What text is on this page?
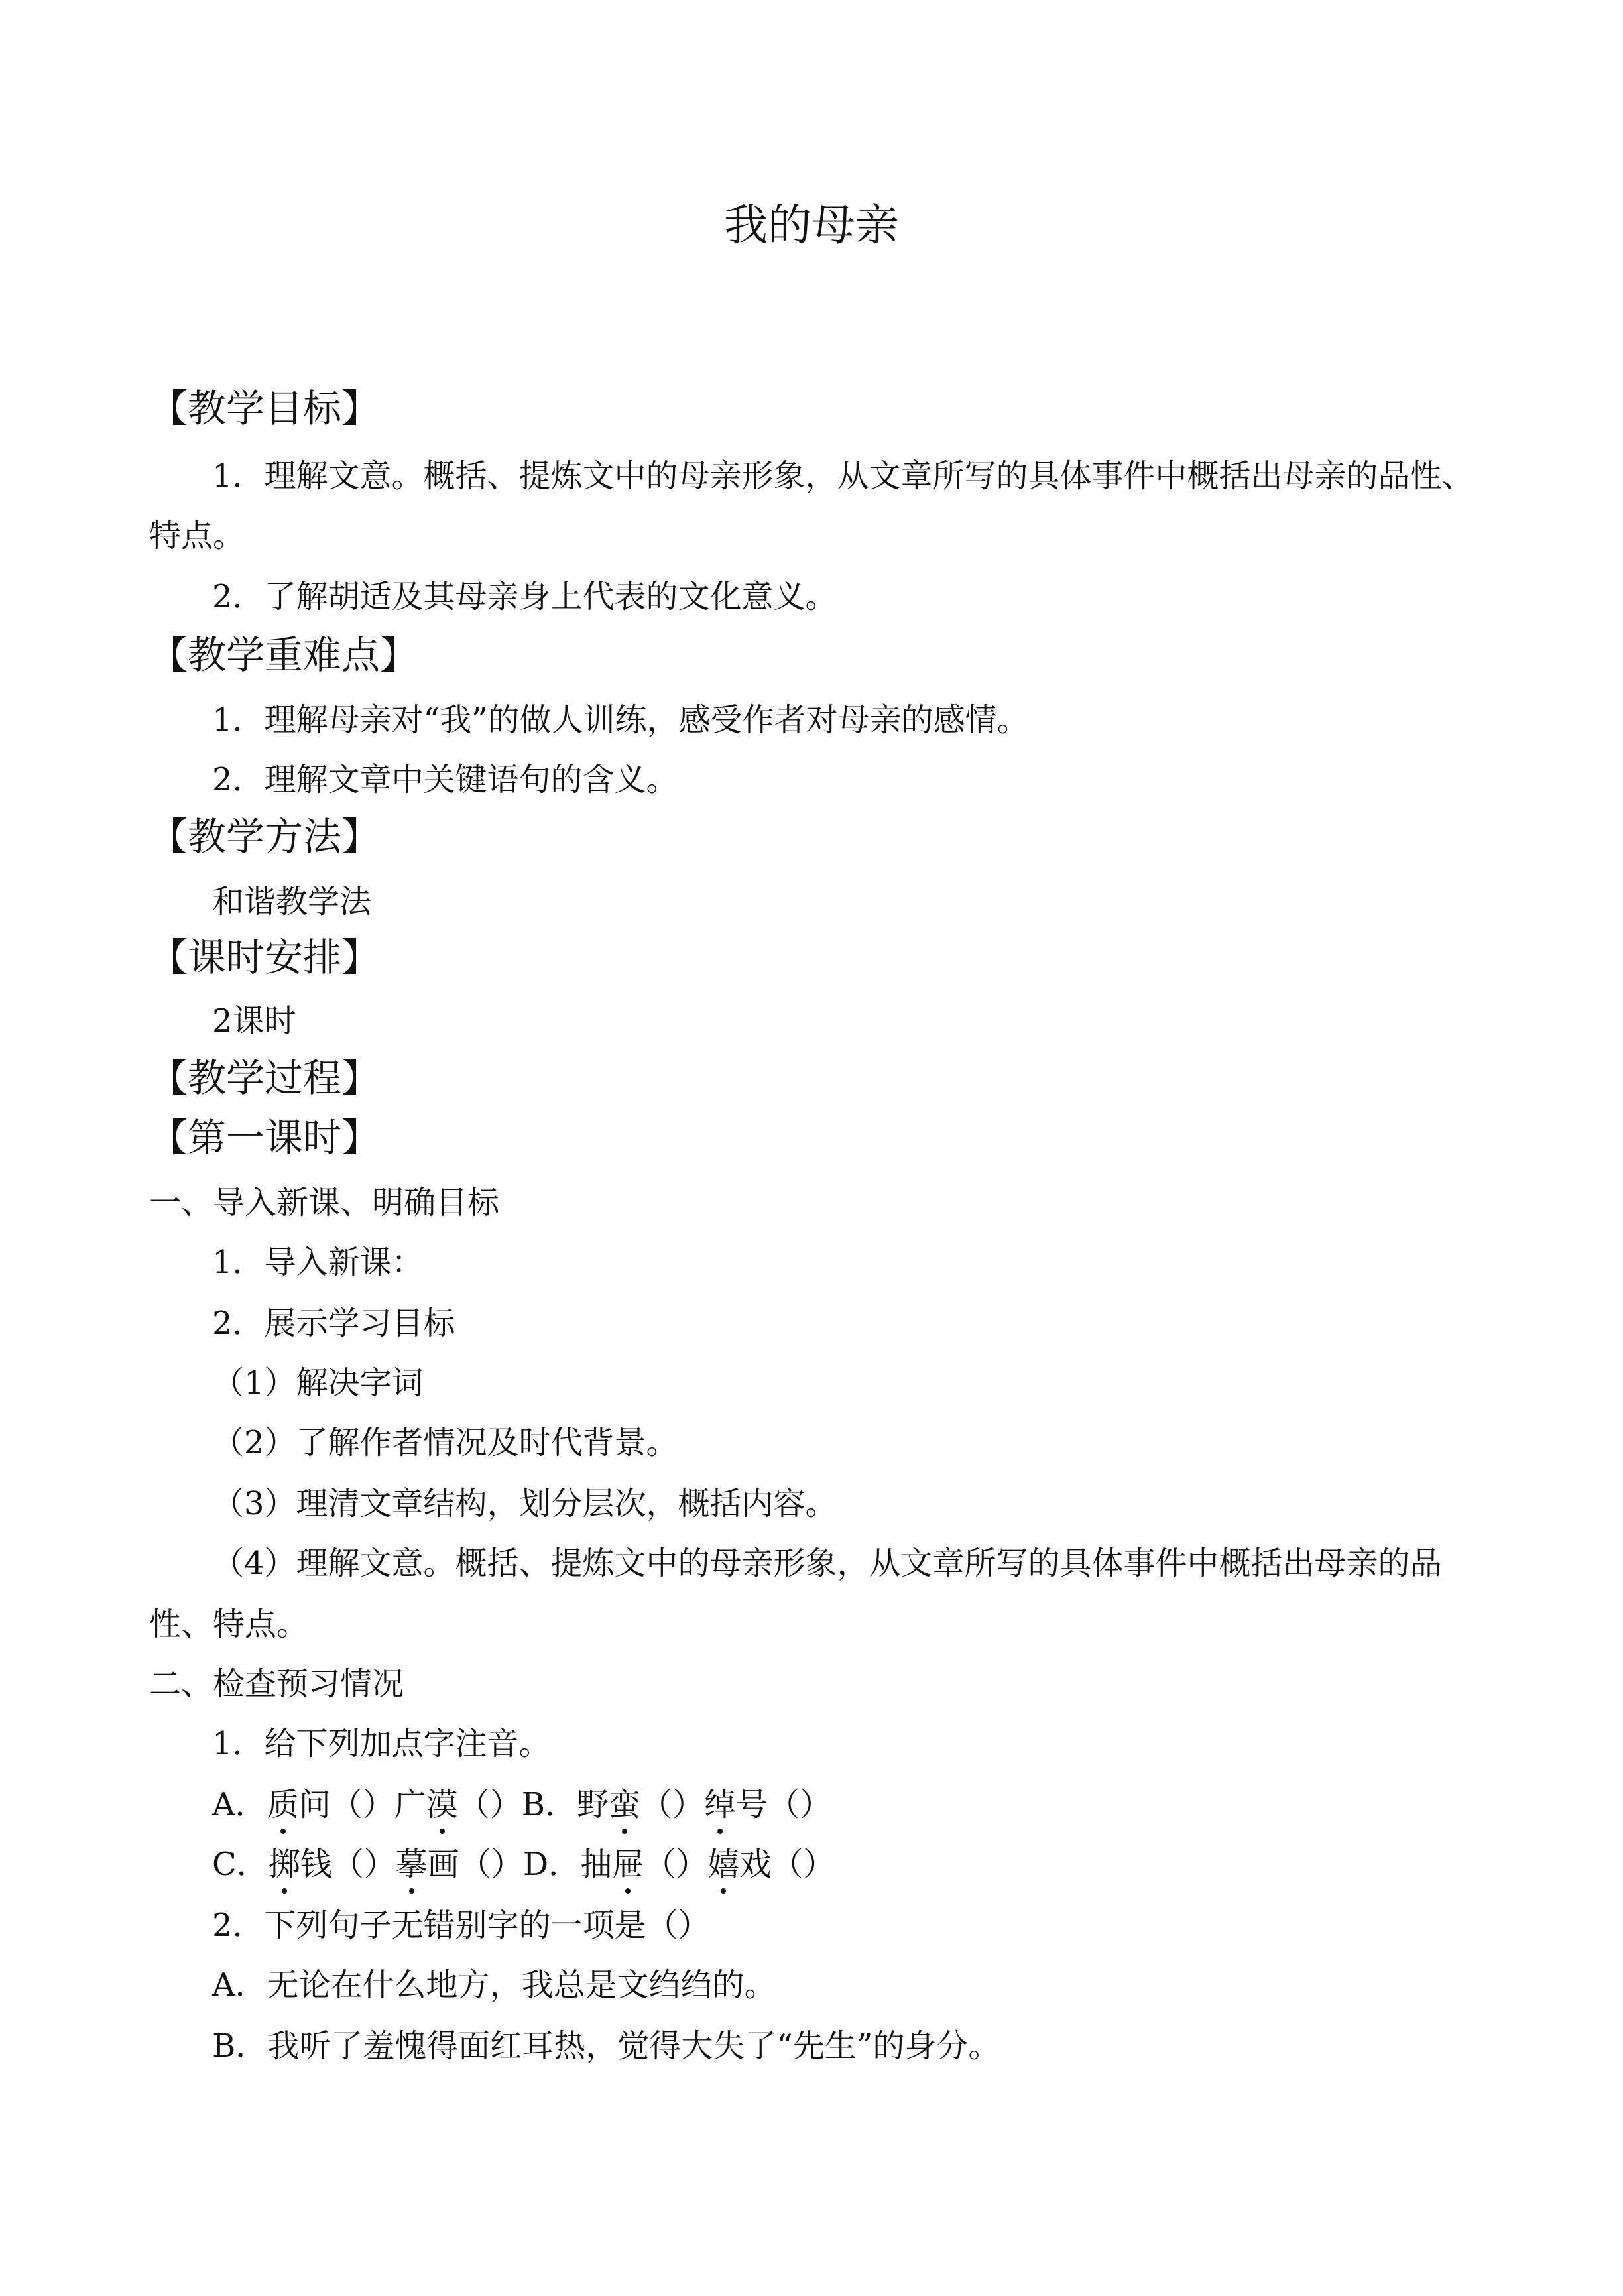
我的母亲
【教学目标】
1．理解文意。概括、提炼文中的母亲形象，从文章所写的具体事件中概括出母亲的品性、
特点。
2．了解胡适及其母亲身上代表的文化意义。
【教学重难点】
1．理解母亲对“我”的做人训练，感受作者对母亲的感情。
2．理解文章中关键语句的含义。
【教学方法】
和谐教学法
【课时安排】
2课时
【教学过程】
【第一课时】
一、导入新课、明确目标
1．导入新课：
2．展示学习目标
（1）解决字词
（2）了解作者情况及时代背景。
（3）理清文章结构，划分层次，概括内容。
（4）理解文意。概括、提炼文中的母亲形象，从文章所写的具体事件中概括出母亲的品
性、特点。
二、检查预习情况
1．给下列加点字注音。
A．质问（）广漠（）B．野蛮（）绰号（）
C．掷钱（）摹画（）D．抽屉（）嬉戏（）
2．下列句子无错别字的一项是（）
A．无论在什么地方，我总是文绉绉的。
B．我听了羞愧得面红耳热，觉得大失了“先生”的身分。
